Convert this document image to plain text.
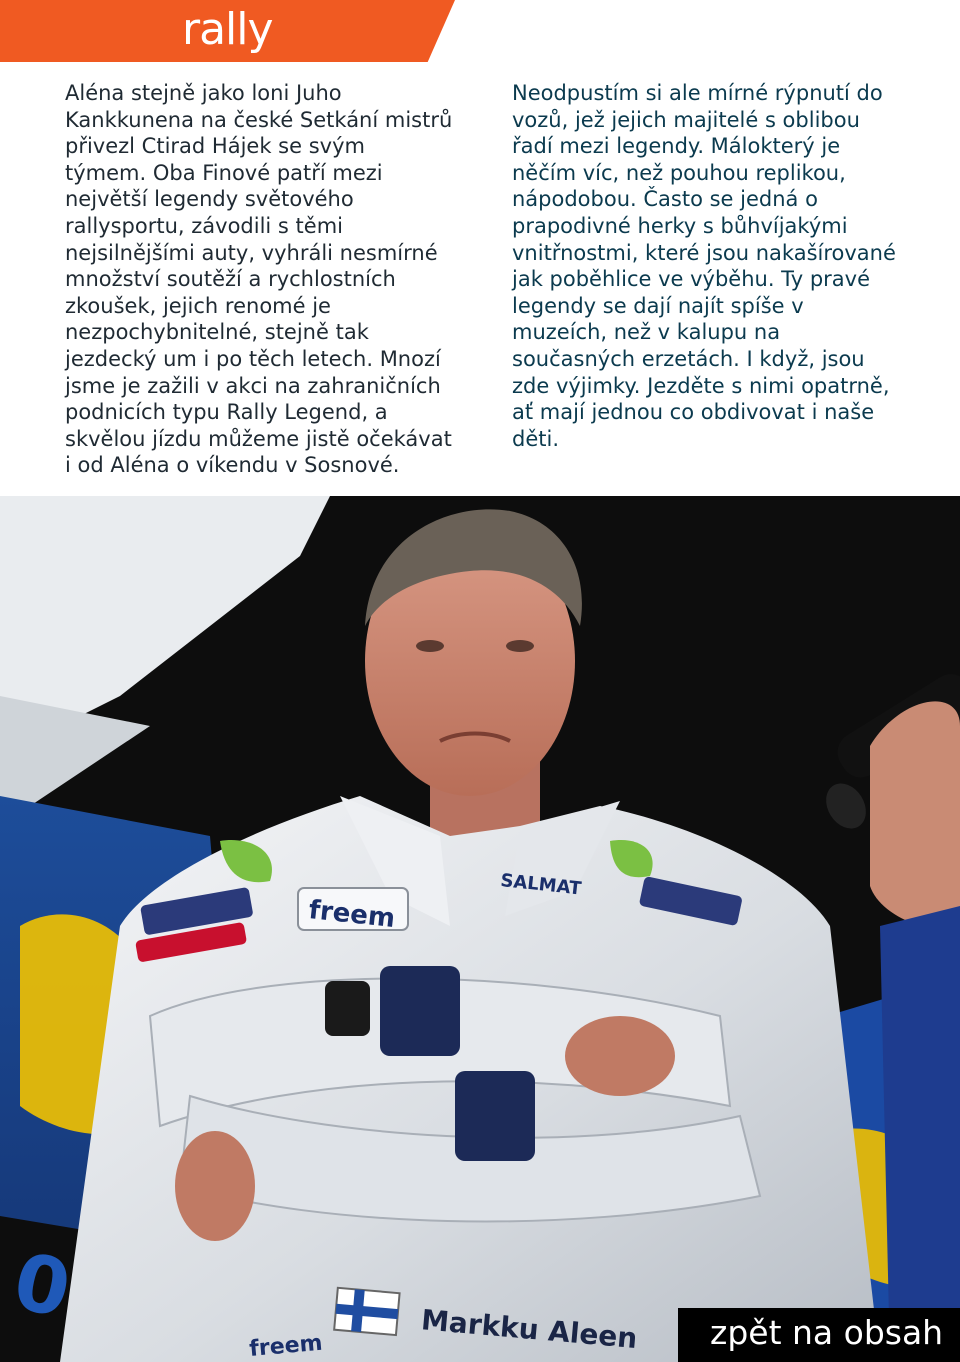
rally

Aléna stejně jako loni Juho
Kankkunena na české Setkání mistrů
přivezl Ctirad Hájek se svým
týmem. Oba Finové patří mezi
největší legendy světového
rallysportu, závodili s těmi
nejsilnějšími auty, vyhráli nesmírné
množství soutěží a rychlostních
zkoušek, jejich renomé je
nezpochybnitelné, stejně tak
jezdecký um i po těch letech. Mnozí
jsme je zažili v akci na zahraničních
podnicích typu Rally Legend, a
skvělou jízdu můžeme jistě očekávat
i od Aléna o víkendu v Sosnové.

Neodpustím si ale mírné rýpnutí do
vozů, jež jejich majitelé s oblibou
řadí mezi legendy. Málokterý je
něčím víc, než pouhou replikou,
nápodobou. Často se jedná o
prapodivné herky s bůhvíjakými
vnitřnostmi, které jsou nakašírované
jak poběhlice ve výběhu. Ty pravé
legendy se dají najít spíše v
muzeích, než v kalupu na
současných erzetách. I když, jsou
zde výjimky. Jezděte s nimi opatrně,
ať mají jednou co obdivovat i naše
děti.

freem
SALMAT
Markku Aleen
freem	zpět na obsah
